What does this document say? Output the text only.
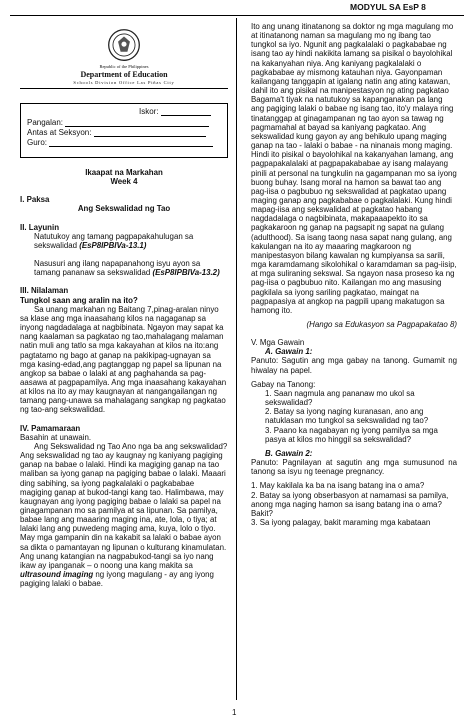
MODYUL SA EsP 8
Republic of the Philippines
Department of Education
Schools Division Office Las Piñas City
Iskor:
Pangalan:
Antas at Seksyon:
Guro:
Ikaapat na Markahan
Week 4
I. Paksa
Ang Sekswalidad ng Tao
II. Layunin
Natutukoy ang tamang pagpapakahulugan sa sekswalidad (EsP8IPBIVa-13.1)
Nasusuri ang ilang napapanahong isyu ayon sa tamang pananaw sa sekswalidad (EsP8IPBIVa-13.2)
III. Nilalaman
Tungkol saan ang aralin na ito?
Sa unang markahan ng Baitang 7,pinag-aralan ninyo sa klase ang mga inaasahang kilos na nagaganap sa inyong nagdadalaga at nagbibinata. Ngayon may sapat ka nang kaalaman sa pagkatao ng tao,mahalagang malaman natin muli ang tatlo sa mga kakayahan at kilos na ito:ang pagtatamo ng bago at ganap na pakikipag-ugnayan sa mga kasing-edad,ang pagtanggap ng papel sa lipunan na angkop sa babae o lalaki at ang paghahanda sa pag-aasawa at pagpapamilya. Ang mga inaasahang kakayahan at kilos na ito ay may kaugnayan at nangangailangan ng tamang pang-unawa sa mahalagang sangkap ng pagkatao ng tao-ang sekswalidad.
IV. Pamamaraan
Basahin at unawain.
Ang Sekswalidad ng Tao Ano nga ba ang sekswalidad? Ang sekswalidad ng tao ay kaugnay ng kaniyang pagiging ganap na babae o lalaki. Hindi ka magiging ganap na tao maliban sa iyong ganap na pagiging babae o lalaki. Maaari ding sabihing, sa iyong pagkalalaki o pagkababae magiging ganap at bukod-tangi kang tao. Halimbawa, may kaugnayan ang iyong pagiging babae o lalaki sa papel na ginagampanan mo sa pamilya at sa lipunan. Sa pamilya, babae lang ang maaaring maging ina, ate, lola, o tiya; at lalaki lang ang puwedeng maging ama, kuya, lolo o tiyo. May mga gampanin din na kakabit sa lalaki o babae ayon sa dikta o pamantayan ng lipunan o kulturang kinamulatan. Ang unang katangian na nagpabukod-tangi sa iyo nang ikaw ay ipanganak – o noong una kang makita sa ultrasound imaging ng iyong magulang - ay ang iyong pagiging lalaki o babae.
Ito ang unang itinatanong sa doktor ng mga magulang mo at itinatanong naman sa magulang mo ng ibang tao tungkol sa iyo. Ngunit ang pagkalalaki o pagkababae ng isang tao ay hindi nakikita lamang sa pisikal o bayolohikal na kakanyahan niya. Ang kaniyang pagkalalaki o pagkababae ay mismong katauhan niya. Gayonpaman kailangang tanggapin at igalang natin ang ating katawan, dahil ito ang pisikal na manipestasyon ng ating pagkatao Bagama't tiyak na natutukoy sa kapanganakan pa lang ang pagiging lalaki o babae ng isang tao, ito'y malaya ring tinatanggap at ginagampanan ng tao ayon sa tawag ng pagmamahal at bayad sa kaniyang pagkatao. Ang sekswalidad kung gayon ay ang behikulo upang maging ganap na tao - lalaki o babae - na ninanais mong maging. Hindi ito pisikal o bayolohikal na kakanyahan lamang, ang pagpapakalalaki at pagpapakababae ay isang malayang pinili at personal na tungkulin na gagampanan mo sa iyong buong buhay. Isang moral na hamon sa bawat tao ang pag-iisa o pagbubuo ng sekswalidad at pagkatao upang maging ganap ang pagkababae o pagkalalaki. Kung hindi mapag-iisa ang sekswalidad at pagkatao habang nagdadalaga o nagbibinata, makapaaapekto ito sa pagkakaroon ng ganap na pagsapit ng sapat na gulang (adulthood). Sa isang taong nasa sapat nang gulang, ang kakulangan na ito ay maaaring magkaroon ng manipestasyon bilang kawalan ng kumpiyansa sa sarili, mga karamdamang sikolohikal o karamdaman sa pag-iisip, at mga suliraning sekswal. Sa ngayon nasa proseso ka ng pag-iisa o pagbubuo nito. Kailangan mo ang masusing pagkilala sa iyong sariling pagkatao, maingat na pagpapasiya at angkop na pagpili upang makatugon sa hamong ito.
(Hango sa Edukasyon sa Pagpapakatao 8)
V. Mga Gawain
A. Gawain 1:
Panuto: Sagutin ang mga gabay na tanong. Gumamit ng hiwalay na papel.
Gabay na Tanong:
1. Saan nagmula ang pananaw mo ukol sa sekswalidad?
2. Batay sa iyong naging kuranasan, ano ang natuklasan mo tungkol sa sekswalidad ng tao?
3. Paano ka nagabayan ng iyong pamilya sa mga pasya at kilos mo hinggil sa sekswalidad?
B. Gawain 2:
Panuto: Pagnilayan at sagutin ang mga sumusunod na tanong sa isyu ng teenage pregnancy.
1. May kakilala ka ba na isang batang ina o ama?
2. Batay sa iyong obserbasyon at namamasi sa pamilya, anong mga naging hamon sa isang batang ina o ama? Bakit?
3. Sa iyong palagay, bakit maraming mga kabataan
1
